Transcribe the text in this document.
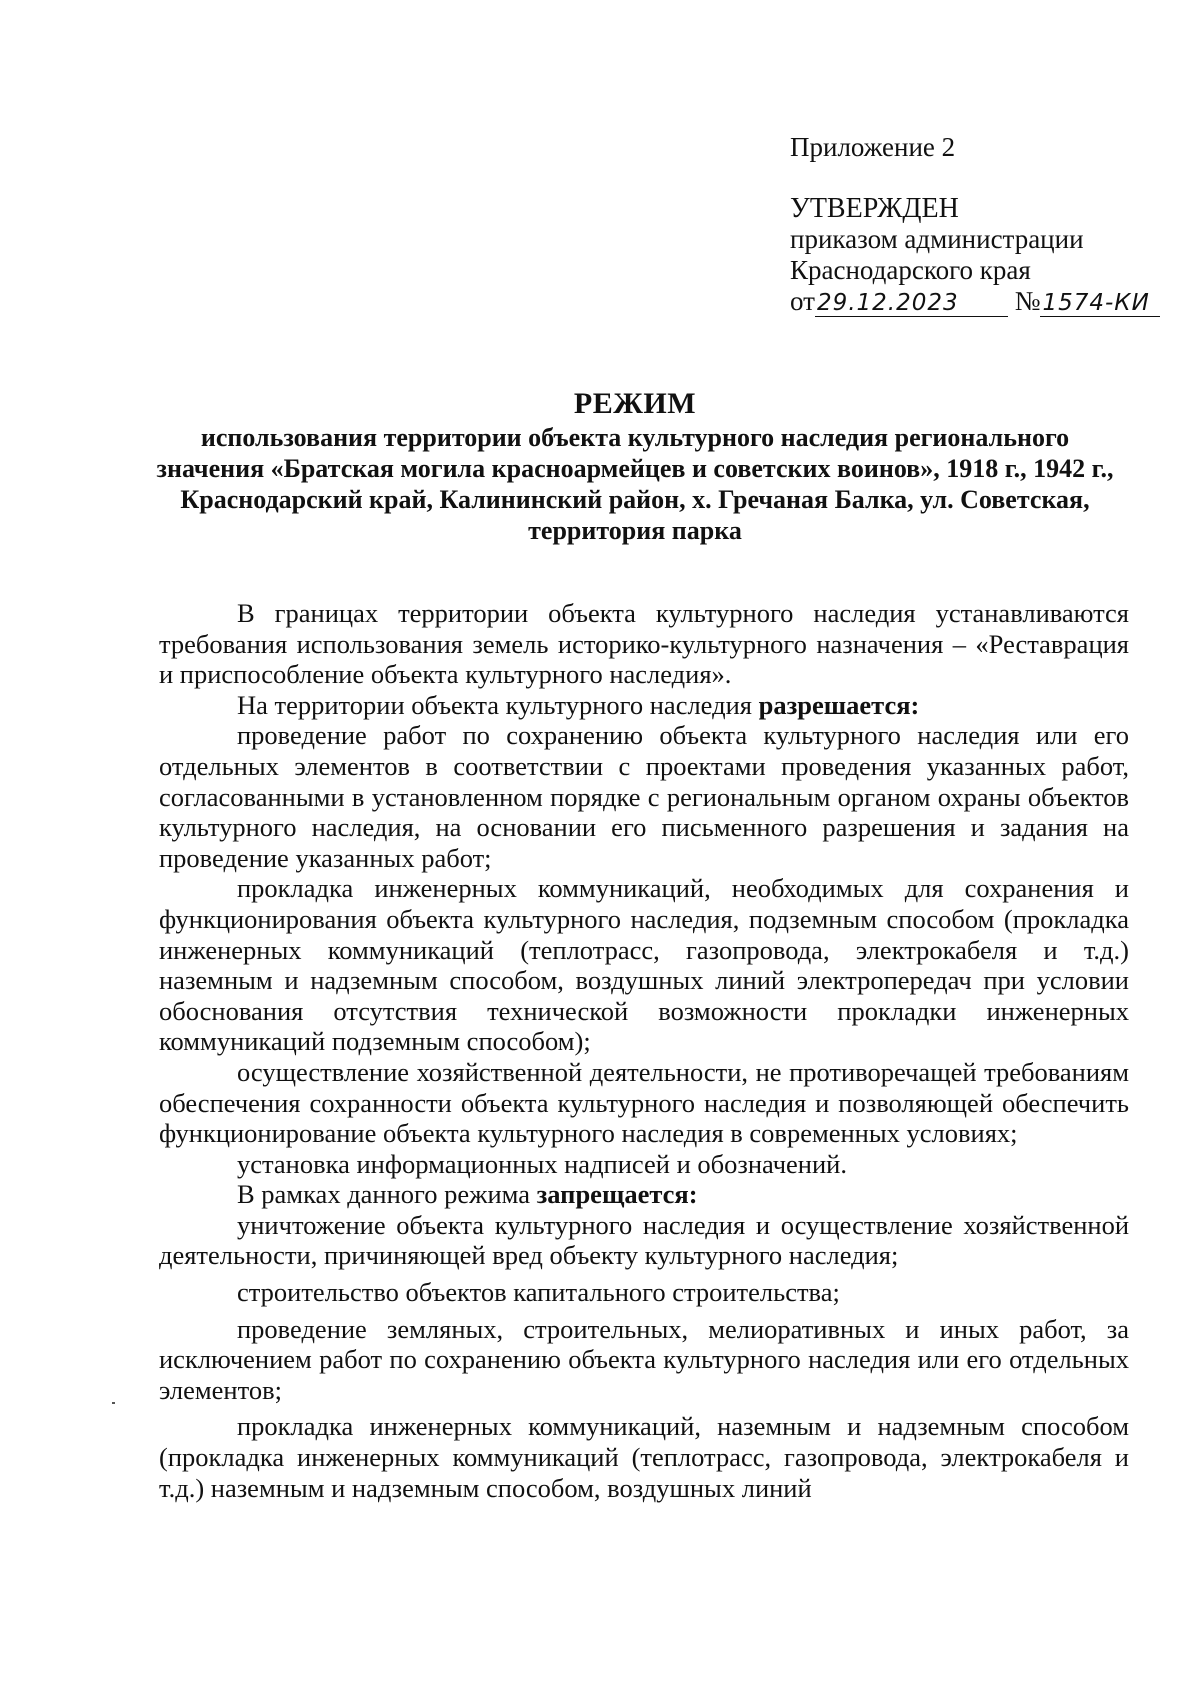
Приложение 2
УТВЕРЖДЕН
приказом администрации
Краснодарского края
от29.12.2023 №1574-КИ
РЕЖИМ
использования территории объекта культурного наследия регионального значения «Братская могила красноармейцев и советских воинов», 1918 г., 1942 г., Краснодарский край, Калининский район, х. Гречаная Балка, ул. Советская, территория парка

В границах территории объекта культурного наследия устанавливаются требования использования земель историко-культурного назначения – «Реставрация и приспособление объекта культурного наследия».

На территории объекта культурного наследия разрешается:

проведение работ по сохранению объекта культурного наследия или его отдельных элементов в соответствии с проектами проведения указанных работ, согласованными в установленном порядке с региональным органом охраны объектов культурного наследия, на основании его письменного разрешения и задания на проведение указанных работ;

прокладка инженерных коммуникаций, необходимых для сохранения и функционирования объекта культурного наследия, подземным способом (прокладка инженерных коммуникаций (теплотрасс, газопровода, электрокабеля и т.д.) наземным и надземным способом, воздушных линий электропередач при условии обоснования отсутствия технической возможности прокладки инженерных коммуникаций подземным способом);

осуществление хозяйственной деятельности, не противоречащей требованиям обеспечения сохранности объекта культурного наследия и позволяющей обеспечить функционирование объекта культурного наследия в современных условиях;

установка информационных надписей и обозначений.

В рамках данного режима запрещается:

уничтожение объекта культурного наследия и осуществление хозяйственной деятельности, причиняющей вред объекту культурного наследия;

строительство объектов капитального строительства;

проведение земляных, строительных, мелиоративных и иных работ, за исключением работ по сохранению объекта культурного наследия или его отдельных элементов;

прокладка инженерных коммуникаций, наземным и надземным способом (прокладка инженерных коммуникаций (теплотрасс, газопровода, электрокабеля и т.д.) наземным и надземным способом, воздушных линий
